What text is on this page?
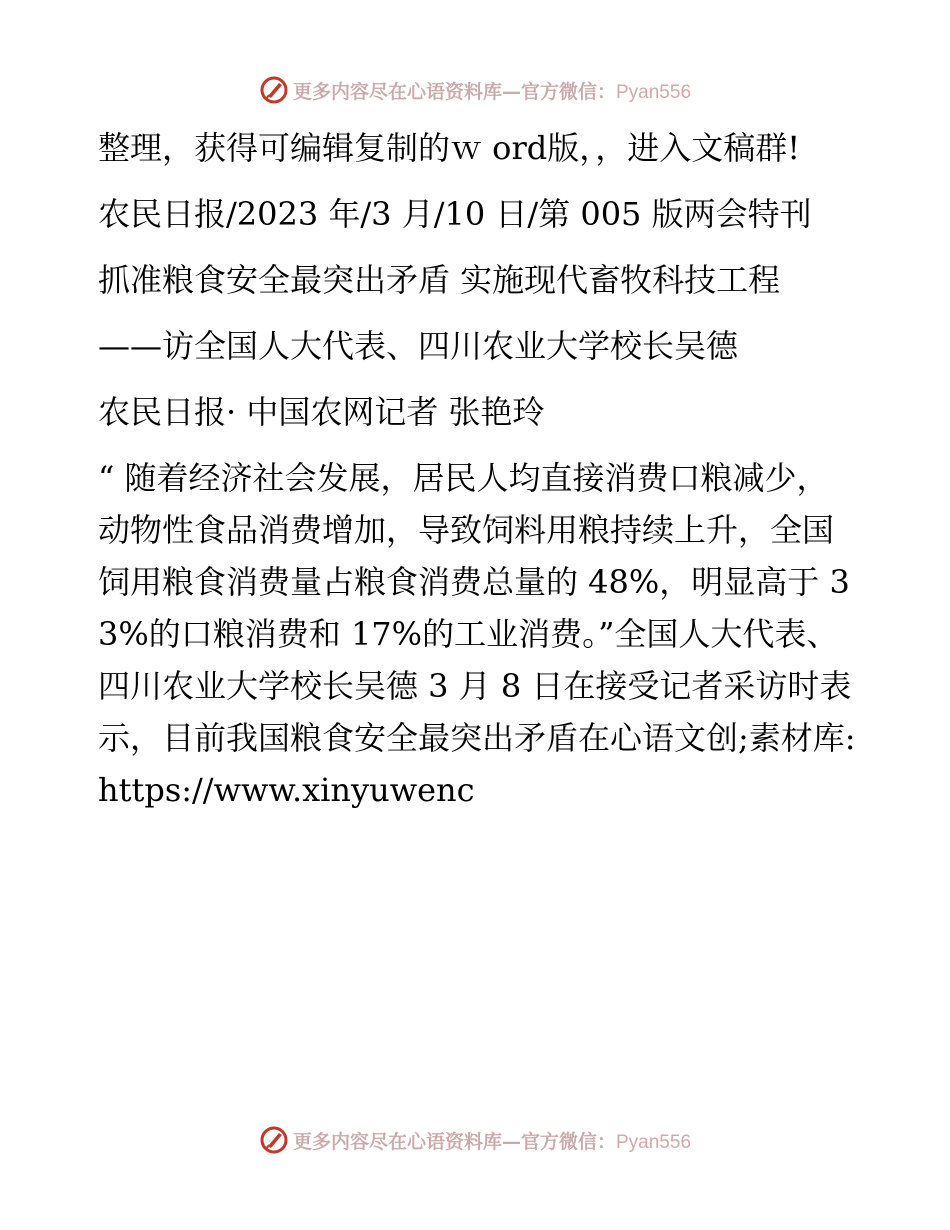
更多内容尽在心语资料库—官方微信：Pyan556

整理，获得可编辑复制的ｗ ord版，，进入文稿群!

农民日报/2023 年/3 月/10 日/第 005 版两会特刊

抓准粮食安全最突出矛盾 实施现代畜牧科技工程

——访全国人大代表、四川农业大学校长吴德

农民日报· 中国农网记者 张艳玲

“ 随着经济社会发展，居民人均直接消费口粮减少，动物性食品消费增加，导致饲料用粮持续上升，全国饲用粮食消费量占粮食消费总量的 48%，明显高于 33%的口粮消费和 17%的工业消费。”全国人大代表、四川农业大学校长吴德 3 月 8 日在接受记者采访时表示，目前我国粮食安全最突出矛盾在心语文创;素材库: https://www.xinyuwenc

更多内容尽在心语资料库—官方微信：Pyan556
